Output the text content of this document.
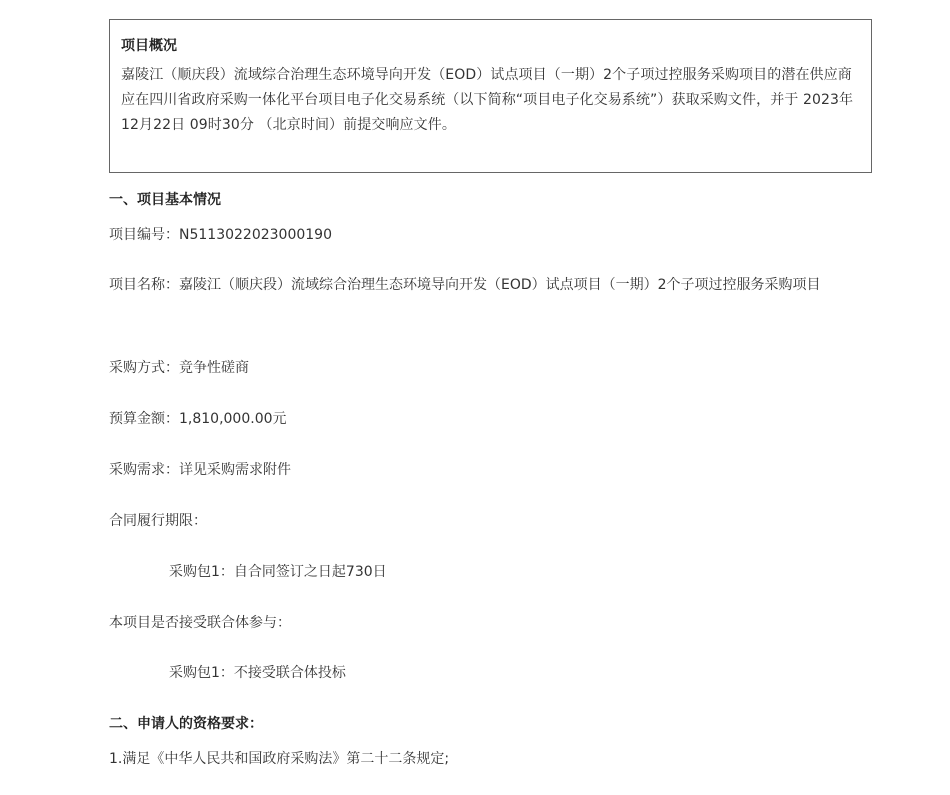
项目概况
嘉陵江（顺庆段）流域综合治理生态环境导向开发（EOD）试点项目（一期）2个子项过控服务采购项目的潜在供应商应在四川省政府采购一体化平台项目电子化交易系统（以下简称“项目电子化交易系统”）获取采购文件，并于 2023年12月22日 09时30分 （北京时间）前提交响应文件。
一、项目基本情况
项目编号：N5113022023000190
项目名称：嘉陵江（顺庆段）流域综合治理生态环境导向开发（EOD）试点项目（一期）2个子项过控服务采购项目
采购方式：竞争性磋商
预算金额：1,810,000.00元
采购需求：详见采购需求附件
合同履行期限：
采购包1：自合同签订之日起730日
本项目是否接受联合体参与：
采购包1：不接受联合体投标
二、申请人的资格要求：
1.满足《中华人民共和国政府采购法》第二十二条规定;
